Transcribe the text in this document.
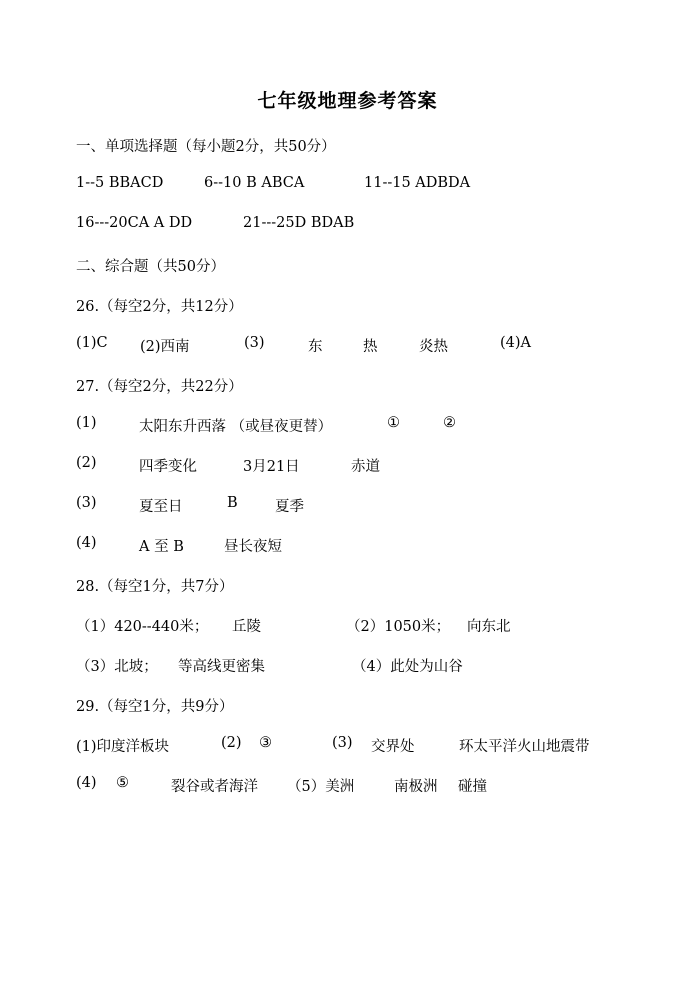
七年级地理参考答案
一、单项选择题（每小题2分，共50分）
1--5 BBACD	6--10 B ABCA	11--15 ADBDA
16---20CA A DD	21---25D BDAB
二、综合题（共50分）
26.（每空2分，共12分）
(1)C (2)西南	(3)	东	热	炎热	(4)A
27.（每空2分，共22分）
(1)	太阳东升西落 （或昼夜更替）	①	②
(2)	四季变化	3月21日	赤道
(3)	夏至日	B	夏季
(4)	A 至 B	昼长夜短
28.（每空1分，共7分）
（1）420--440米； 丘陵	（2）1050米； 向东北
（3）北坡； 等高线更密集	（4）此处为山谷
29.（每空1分，共9分）
(1)印度洋板块	(2) ③	(3) 交界处	环太平洋火山地震带
(4) ⑤	裂谷或者海洋 （5）美洲	南极洲 碰撞
